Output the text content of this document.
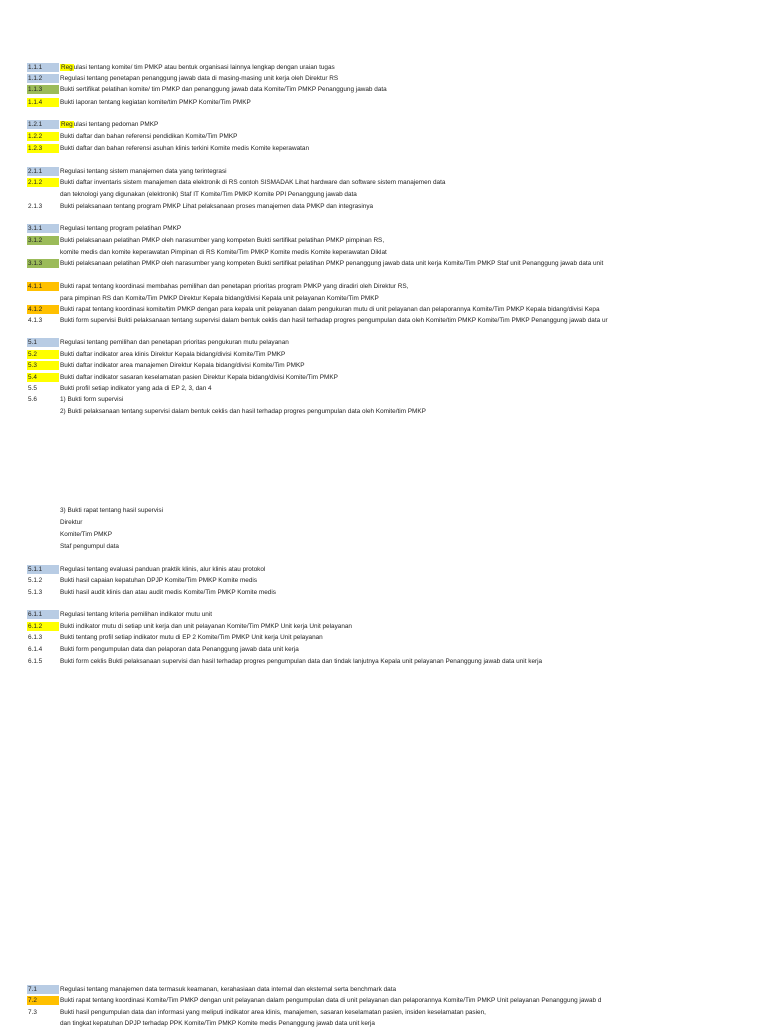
1.1.1	Regulasi tentang komite/ tim PMKP atau bentuk organisasi lainnya lengkap dengan uraian tugas
1.1.2	Regulasi tentang penetapan penanggung jawab data di masing-masing unit kerja oleh Direktur RS
1.1.3	Bukti sertifikat pelatihan komite/ tim PMKP dan penanggung jawab data Komite/Tim PMKP Penanggung jawab data
1.1.4	Bukti laporan tentang kegiatan komite/tim PMKP Komite/Tim PMKP
1.2.1	Regulasi tentang pedoman PMKP
1.2.2	Bukti daftar dan bahan referensi pendidikan Komite/Tim PMKP
1.2.3	Bukti daftar dan bahan referensi asuhan klinis terkini Komite medis Komite keperawatan
2.1.1	Regulasi tentang sistem manajemen data yang terintegrasi
2.1.2	Bukti daftar inventaris sistem manajemen data elektronik di RS contoh SISMADAK Lihat hardware dan software sistem manajemen data
dan teknologi yang digunakan (elektronik) Staf IT Komite/Tim PMKP Komite PPI Penanggung jawab data
2.1.3	Bukti pelaksanaan tentang program PMKP Lihat pelaksanaan proses manajemen data PMKP dan integrasinya
3.1.1	Regulasi tentang program pelatihan PMKP
3.1.2	Bukti pelaksanaan pelatihan PMKP oleh narasumber yang kompeten Bukti sertifikat pelatihan PMKP pimpinan RS,
komite medis dan komite keperawatan Pimpinan di RS Komite/Tim PMKP Komite medis Komite keperawatan Diklat
3.1.3	Bukti pelaksanaan pelatihan PMKP oleh narasumber yang kompeten Bukti sertifikat pelatihan PMKP penanggung jawab data unit kerja Komite/Tim PMKP Staf unit Penanggung jawab data unit
4.1.1	Bukti rapat tentang koordinasi membahas pemilihan dan penetapan prioritas program PMKP yang diradiri oleh Direktur RS,
para pimpinan RS dan Komite/Tim PMKP Direktur Kepala bidang/divisi Kepala unit pelayanan Komite/Tim PMKP
4.1.2	Bukti rapat tentang koordinasi komite/tim PMKP dengan para kepala unit pelayanan dalam pengukuran mutu di unit pelayanan dan pelaporannya Komite/Tim PMKP Kepala bidang/divisi Kepa
4.1.3	Bukti form supervisi Bukti pelaksanaan tentang supervisi dalam bentuk ceklis dan hasil terhadap progres pengumpulan data oleh Komite/tim PMKP Komite/Tim PMKP Penanggung jawab data ur
5.1	Regulasi tentang pemilihan dan penetapan prioritas pengukuran mutu pelayanan
5.2	Bukti daftar indikator area klinis Direktur Kepala bidang/divisi Komite/Tim PMKP
5.3	Bukti daftar indikator area manajemen Direktur Kepala bidang/divisi Komite/Tim PMKP
5.4	Bukti daftar indikator sasaran keselamatan pasien Direktur Kepala bidang/divisi Komite/Tim PMKP
5.5	Bukti profil setiap indikator yang ada di EP 2, 3, dan 4
5.6	1) Bukti form supervisi
2) Bukti pelaksanaan tentang supervisi dalam bentuk ceklis dan hasil terhadap progres pengumpulan data oleh Komite/tim PMKP
3) Bukti rapat tentang hasil supervisi
Direktur
Komite/Tim PMKP
Staf pengumpul data
5.1.1	Regulasi tentang evaluasi panduan praktik klinis, alur klinis atau protokol
5.1.2	Bukti hasil capaian kepatuhan DPJP Komite/Tim PMKP Komite medis
5.1.3	Bukti hasil audit klinis dan atau audit medis Komite/Tim PMKP Komite medis
6.1.1	Regulasi tentang kriteria pemilihan indikator mutu unit
6.1.2	Bukti indikator mutu di setiap unit kerja dan unit pelayanan Komite/Tim PMKP Unit kerja Unit pelayanan
6.1.3	Bukti tentang profil setiap indikator mutu di EP 2 Komite/Tim PMKP Unit kerja Unit pelayanan
6.1.4	Bukti form pengumpulan data dan pelaporan data Penanggung jawab data unit kerja
6.1.5	Bukti form ceklis Bukti pelaksanaan supervisi dan hasil terhadap progres pengumpulan data dan tindak lanjutnya Kepala unit pelayanan Penanggung jawab data unit kerja
7.1	Regulasi tentang manajemen data termasuk keamanan, kerahasiaan data internal dan eksternal serta benchmark data
7.2	Bukti rapat tentang koordinasi Komite/Tim PMKP dengan unit pelayanan dalam pengumpulan data di unit pelayanan dan pelaporannya Komite/Tim PMKP Unit pelayanan Penanggung jawab d
7.3	Bukti hasil pengumpulan data dan informasi yang meliputi indikator area klinis, manajemen, sasaran keselamatan pasien, insiden keselamatan pasien,
dan tingkat kepatuhan DPJP terhadap PPK Komite/Tim PMKP Komite medis Penanggung jawab data unit kerja
